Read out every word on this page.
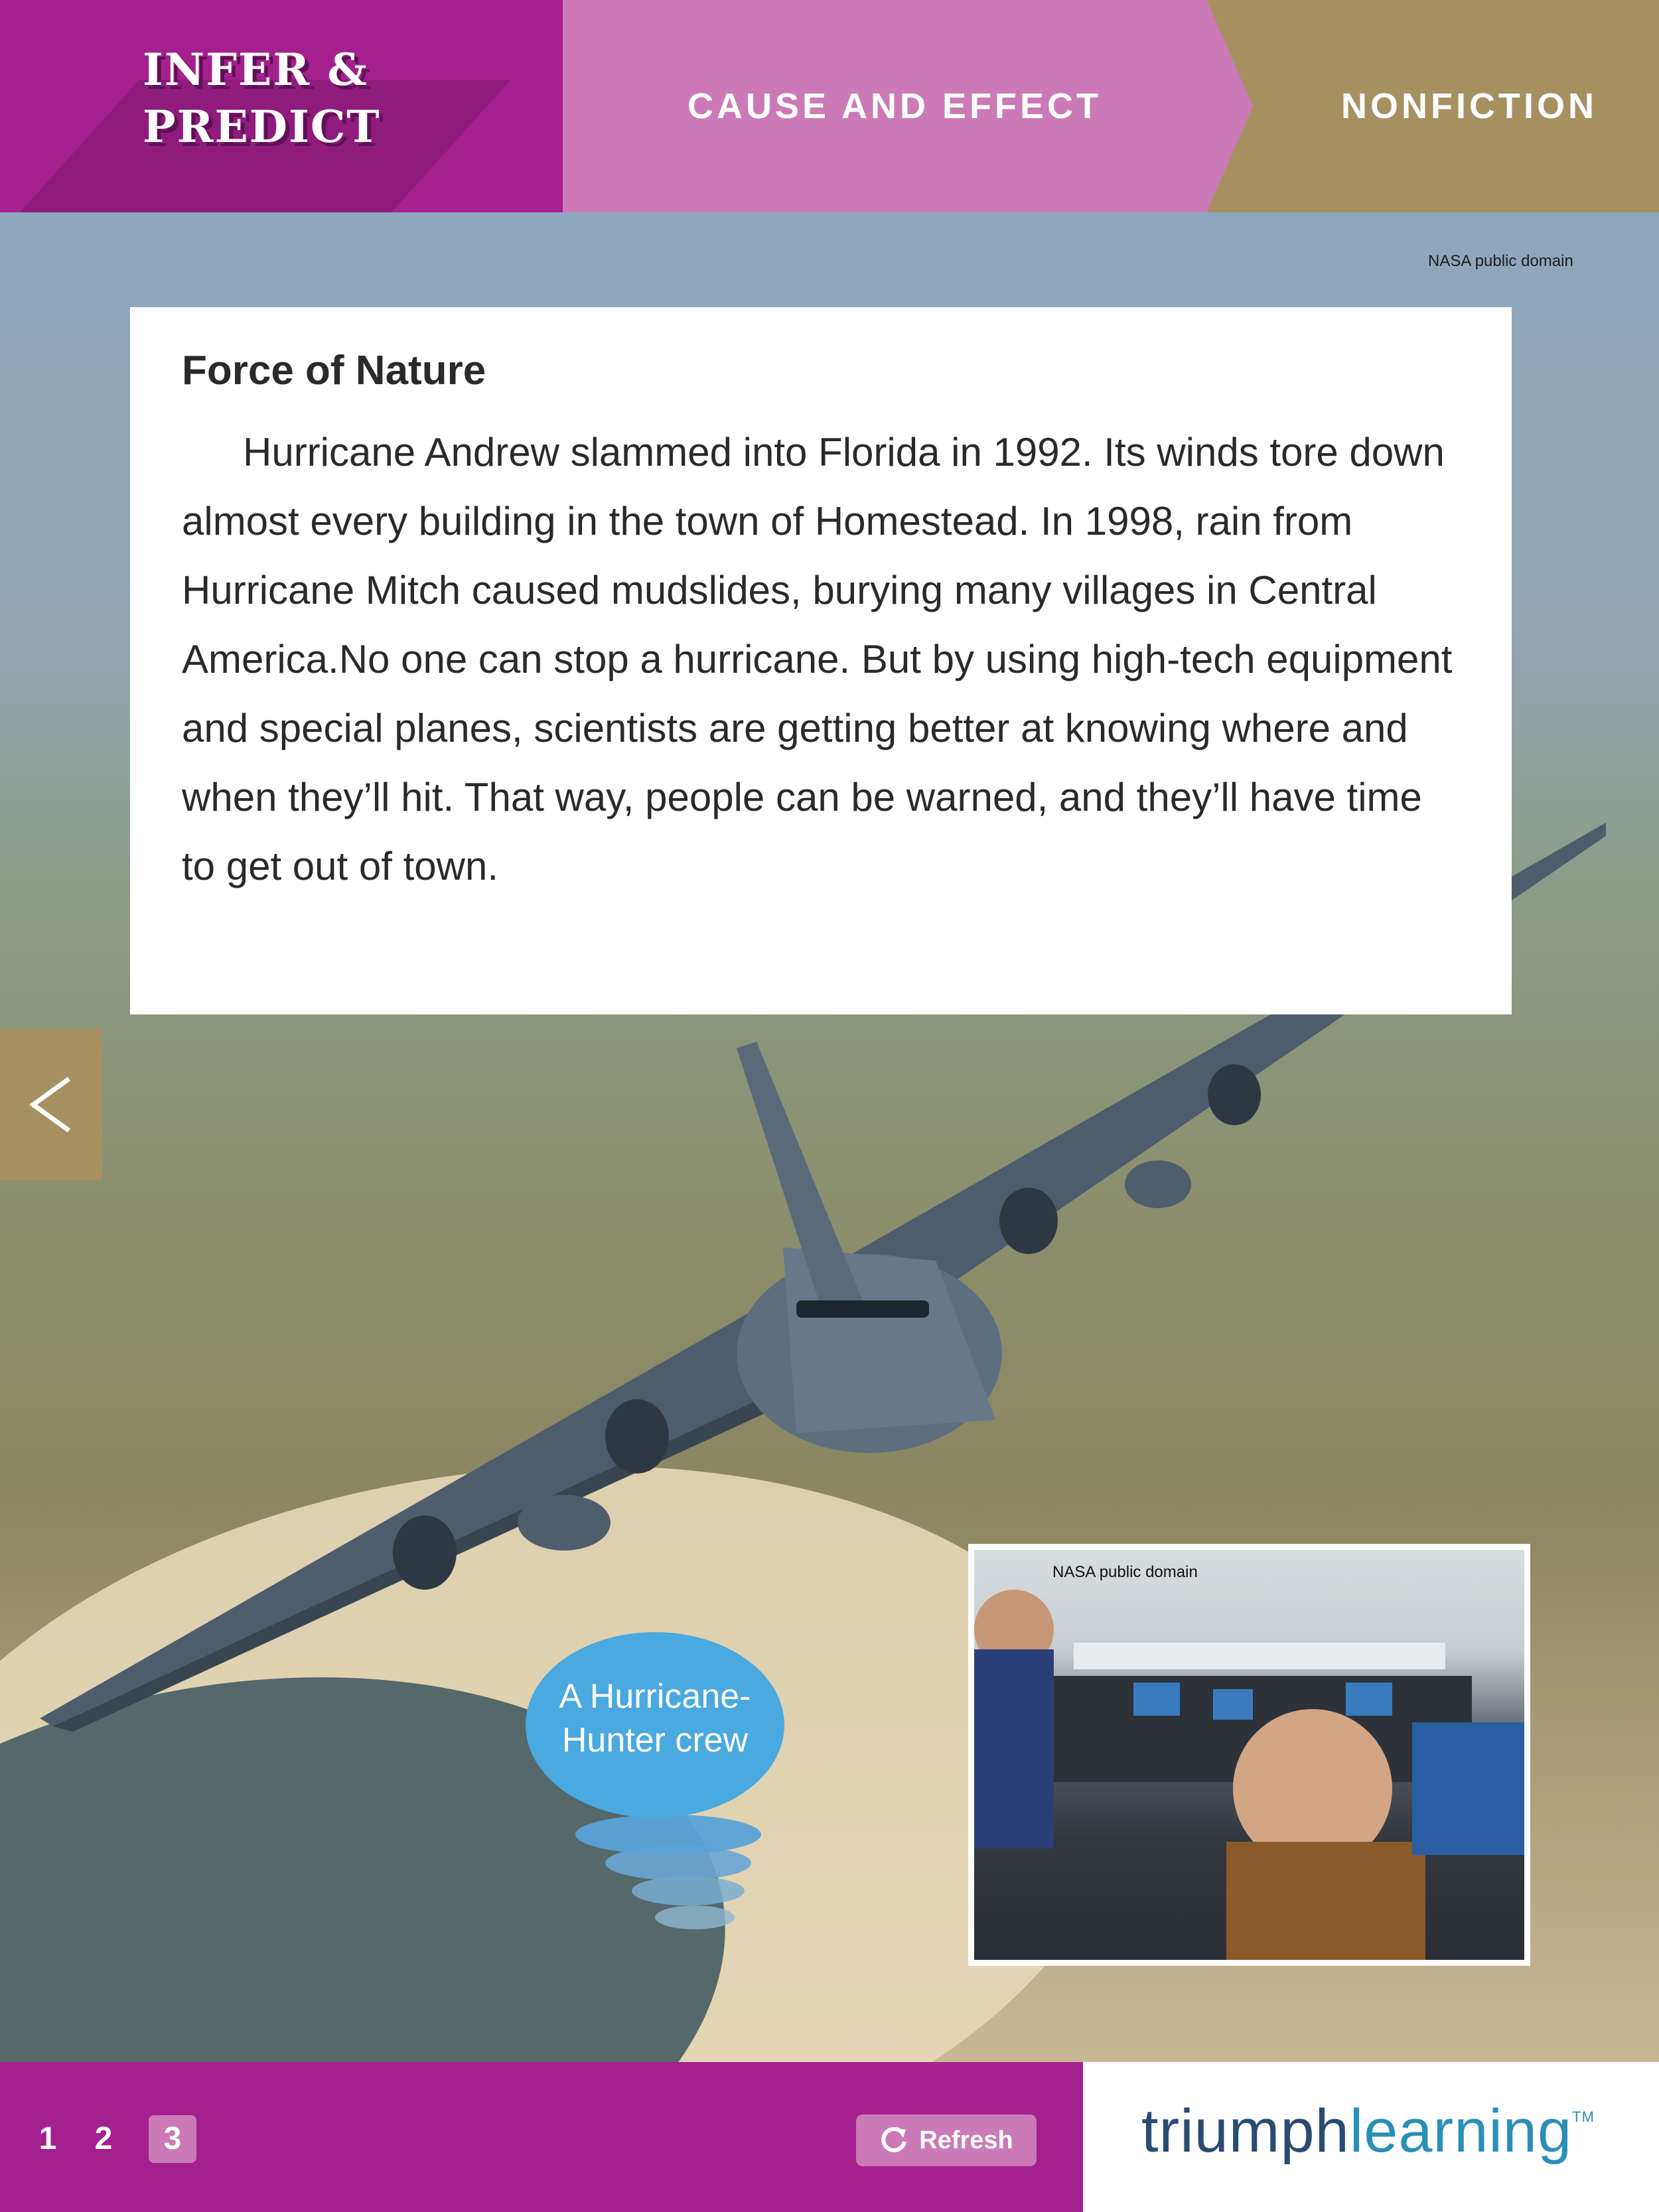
INFER &
PREDICT	CAUSE AND EFFECT	NONFICTION
NASA public domain
Force of Nature

Hurricane Andrew slammed into Florida in 1992. Its winds tore down almost every building in the town of Homestead. In 1998, rain from Hurricane Mitch caused mudslides, burying many villages in Central America.No one can stop a hurricane. But by using high-tech equipment and special planes, scientists are getting better at knowing where and when they’ll hit. That way, people can be warned, and they’ll have time to get out of town.

NASA public domain
A Hurricane-
Hunter crew
1	2	3	Refresh triumphlearning™
